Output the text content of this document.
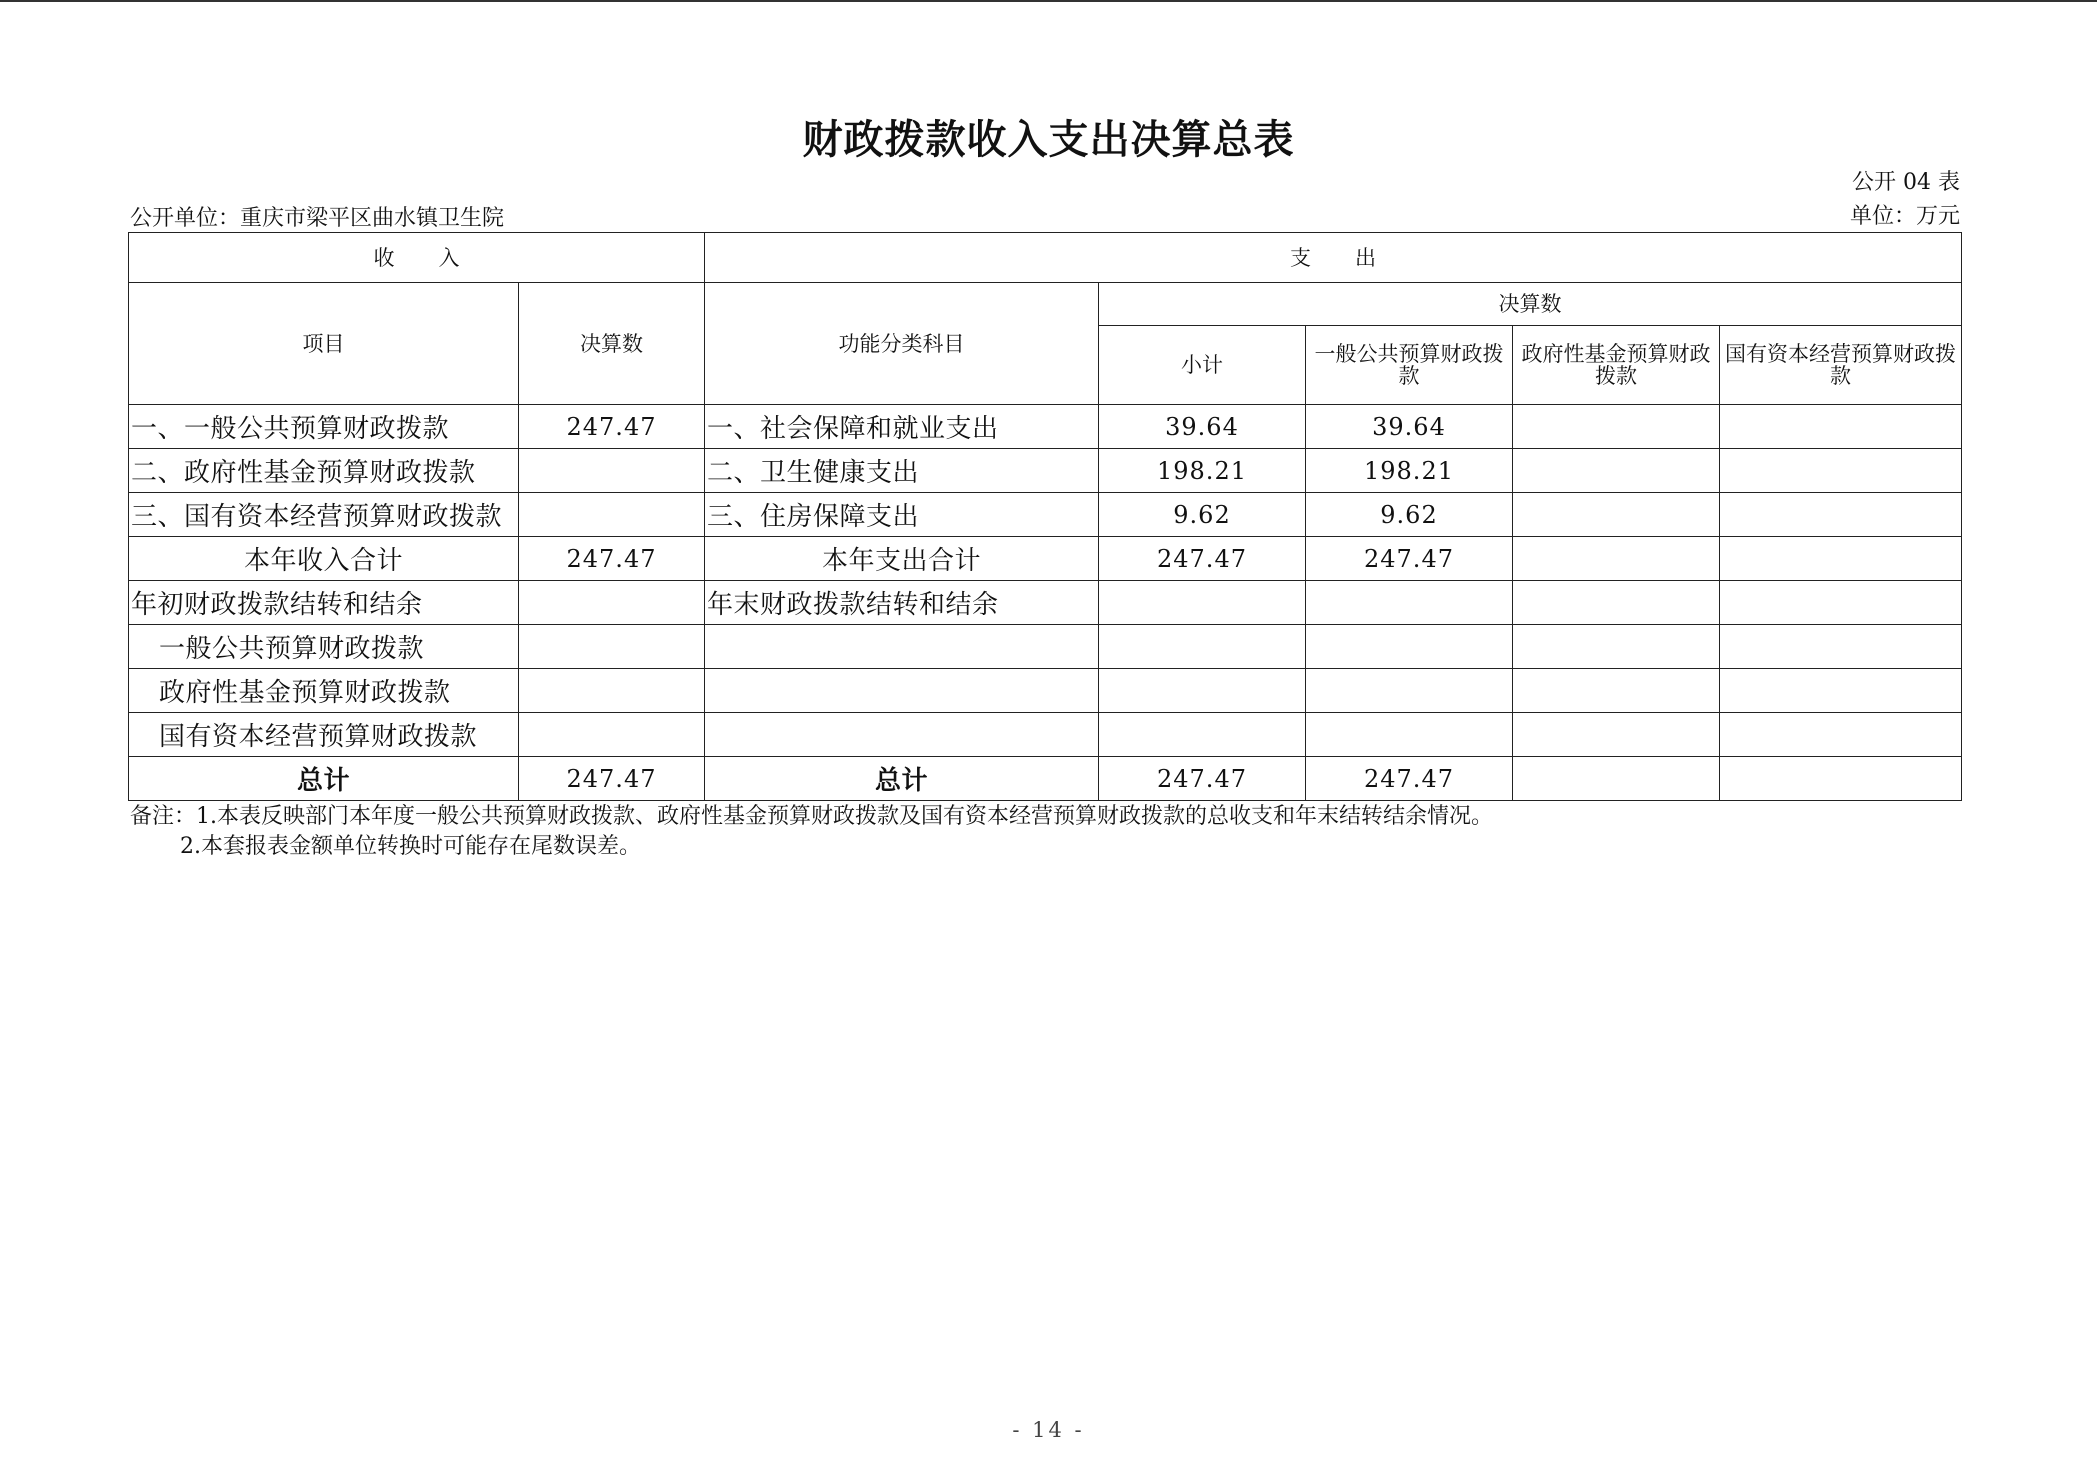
财政拨款收入支出决算总表
公开 04 表
公开单位：重庆市梁平区曲水镇卫生院	单位：万元
收入		支出				
项目	决算数	功能分类科目	决算数			
			小计	一般公共预算财政拨款	政府性基金预算财政拨款	国有资本经营预算财政拨款
一、一般公共预算财政拨款	247.47	一、社会保障和就业支出	39.64	39.64		
二、政府性基金预算财政拨款		二、卫生健康支出	198.21	198.21		
三、国有资本经营预算财政拨款		三、住房保障支出	9.62	9.62		
本年收入合计	247.47	本年支出合计	247.47	247.47		
年初财政拨款结转和结余		年末财政拨款结转和结余				
一般公共预算财政拨款						
政府性基金预算财政拨款						
国有资本经营预算财政拨款						
总计	247.47	总计	247.47	247.47		
备注：1.本表反映部门本年度一般公共预算财政拨款、政府性基金预算财政拨款及国有资本经营预算财政拨款的总收支和年末结转结余情况。
2.本套报表金额单位转换时可能存在尾数误差。
- 14 -
